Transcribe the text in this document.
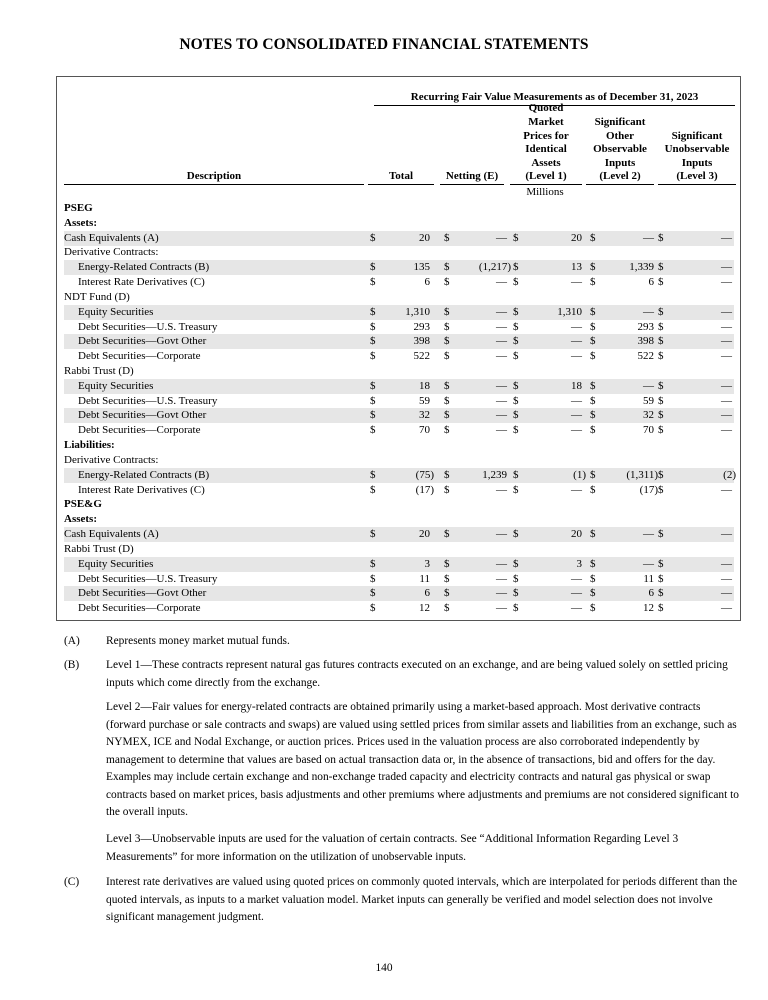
NOTES TO CONSOLIDATED FINANCIAL STATEMENTS
Recurring Fair Value Measurements as of December 31, 2023
Description	Total	Netting (E)
Quoted
Market
Prices for
Identical
Assets
(Level 1)
Significant
Other
Observable
Inputs
(Level 2)
Significant
Unobservable
Inputs
(Level 3)
Millions
PSEG
Assets:
Cash Equivalents (A)	$	20 $	— $	20 $	— $	—
Derivative Contracts:
Energy-Related Contracts (B)	$	135 $	(1,217) $	13 $	1,339 $	—
Interest Rate Derivatives (C)	$	6 $	— $	— $	6 $	—
NDT Fund (D)
Equity Securities	$	1,310 $	— $	1,310 $	— $	—
Debt Securities—U.S. Treasury	$	293 $	— $	— $	293 $	—
Debt Securities—Govt Other	$	398 $	— $	— $	398 $	—
Debt Securities—Corporate	$	522 $	— $	— $	522 $	—
Rabbi Trust (D)
Equity Securities	$	18 $	— $	18 $	— $	—
Debt Securities—U.S. Treasury	$	59 $	— $	— $	59 $	—
Debt Securities—Govt Other	$	32 $	— $	— $	32 $	—
Debt Securities—Corporate	$	70 $	— $	— $	70 $	—
Liabilities:
Derivative Contracts:
Energy-Related Contracts (B)	$	(75) $	1,239 $	(1) $	(1,311) $	(2)
Interest Rate Derivatives (C)	$	(17) $	— $	— $	(17) $	—
PSE&G
Assets:
Cash Equivalents (A)	$	20 $	— $	20 $	— $	—
Rabbi Trust (D)
Equity Securities	$	3 $	— $	3 $	— $	—
Debt Securities—U.S. Treasury	$	11 $	— $	— $	11 $	—
Debt Securities—Govt Other	$	6 $	— $	— $	6 $	—
Debt Securities—Corporate	$	12 $	— $	— $	12 $	—
(A) Represents money market mutual funds.
(B) Level 1—These contracts represent natural gas futures contracts executed on an exchange, and are being valued solely on settled pricing inputs which come directly from the exchange.
Level 2—Fair values for energy-related contracts are obtained primarily using a market-based approach. Most derivative contracts (forward purchase or sale contracts and swaps) are valued using settled prices from similar assets and liabilities from an exchange, such as NYMEX, ICE and Nodal Exchange, or auction prices. Prices used in the valuation process are also corroborated independently by management to determine that values are based on actual transaction data or, in the absence of transactions, bid and offers for the day. Examples may include certain exchange and non-exchange traded capacity and electricity contracts and natural gas physical or swap contracts based on market prices, basis adjustments and other premiums where adjustments and premiums are not considered significant to the overall inputs.
Level 3—Unobservable inputs are used for the valuation of certain contracts. See “Additional Information Regarding Level 3 Measurements” for more information on the utilization of unobservable inputs.
(C) Interest rate derivatives are valued using quoted prices on commonly quoted intervals, which are interpolated for periods different than the quoted intervals, as inputs to a market valuation model. Market inputs can generally be verified and model selection does not involve significant management judgment.
140
